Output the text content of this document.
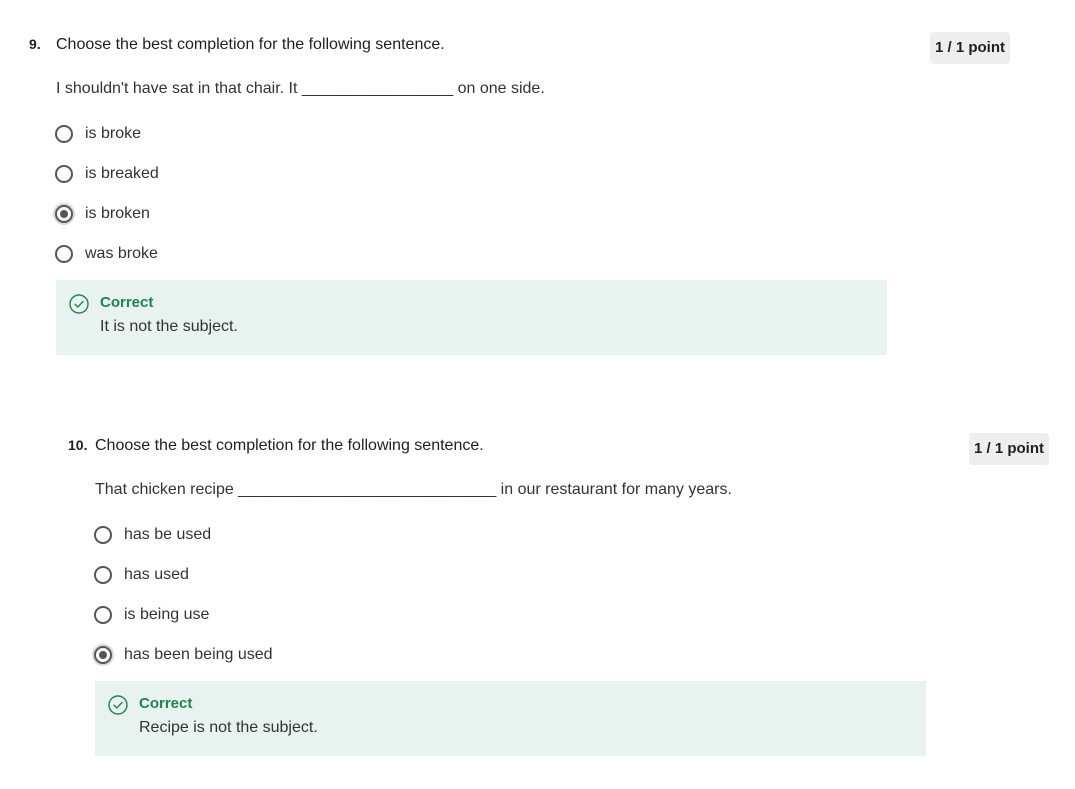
9. Choose the best completion for the following sentence.	1 / 1 point
I shouldn't have sat in that chair. It _________________ on one side.
is broke
is breaked
is broken
was broke
Correct
It is not the subject.
10. Choose the best completion for the following sentence.	1 / 1 point
That chicken recipe _____________________________ in our restaurant for many years.
has be used
has used
is being use
has been being used
Correct
Recipe is not the subject.
